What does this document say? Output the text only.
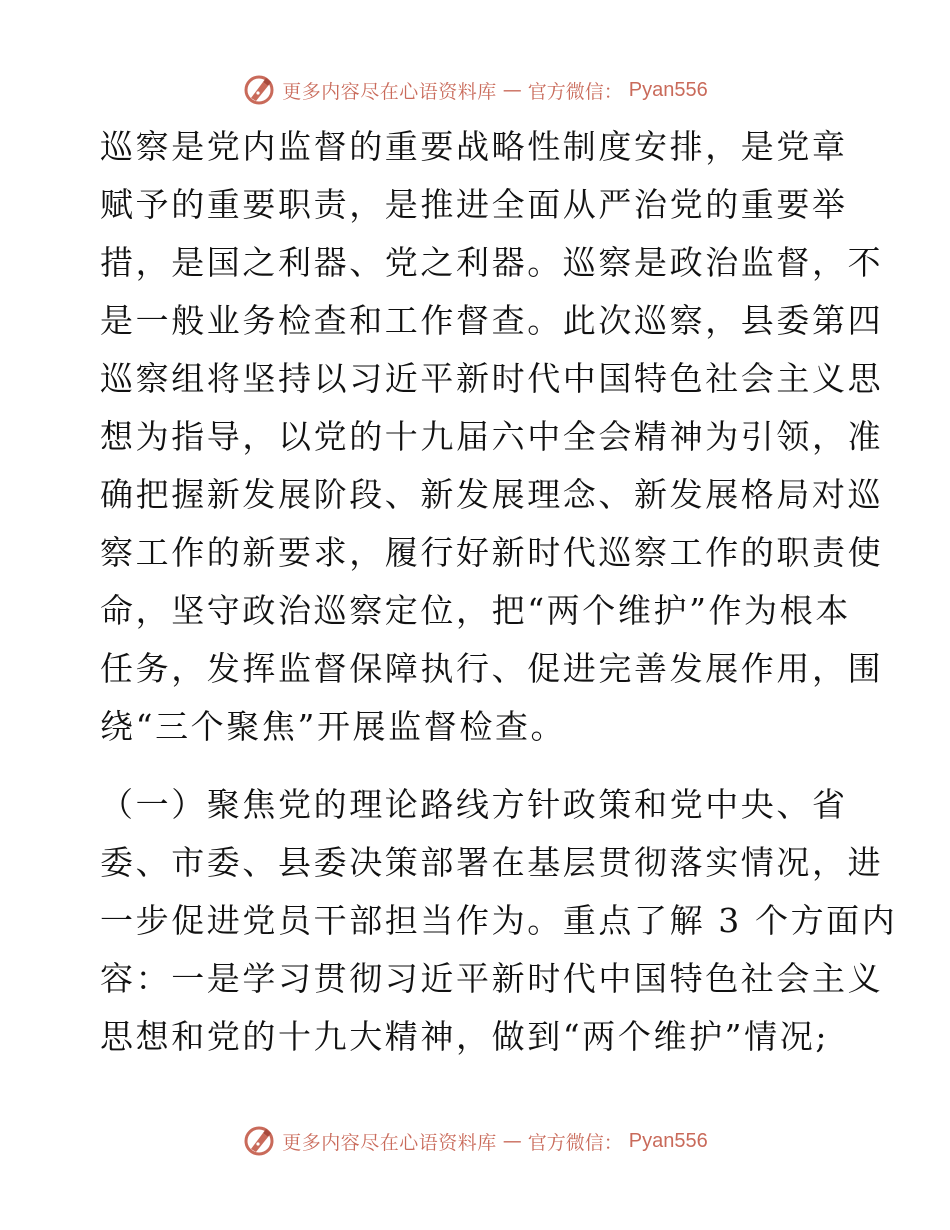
更多内容尽在心语资料库 — 官方微信： Pyan556
巡察是党内监督的重要战略性制度安排，是党章
赋予的重要职责，是推进全面从严治党的重要举
措，是国之利器、党之利器。巡察是政治监督，不
是一般业务检查和工作督查。此次巡察，县委第四
巡察组将坚持以习近平新时代中国特色社会主义思
想为指导，以党的十九届六中全会精神为引领，准
确把握新发展阶段、新发展理念、新发展格局对巡
察工作的新要求，履行好新时代巡察工作的职责使
命，坚守政治巡察定位，把“两个维护”作为根本
任务，发挥监督保障执行、促进完善发展作用，围
绕“三个聚焦”开展监督检查。
（一）聚焦党的理论路线方针政策和党中央、省
委、市委、县委决策部署在基层贯彻落实情况，进
一步促进党员干部担当作为。重点了解 3 个方面内
容：一是学习贯彻习近平新时代中国特色社会主义
思想和党的十九大精神，做到“两个维护”情况;
更多内容尽在心语资料库 — 官方微信： Pyan556
